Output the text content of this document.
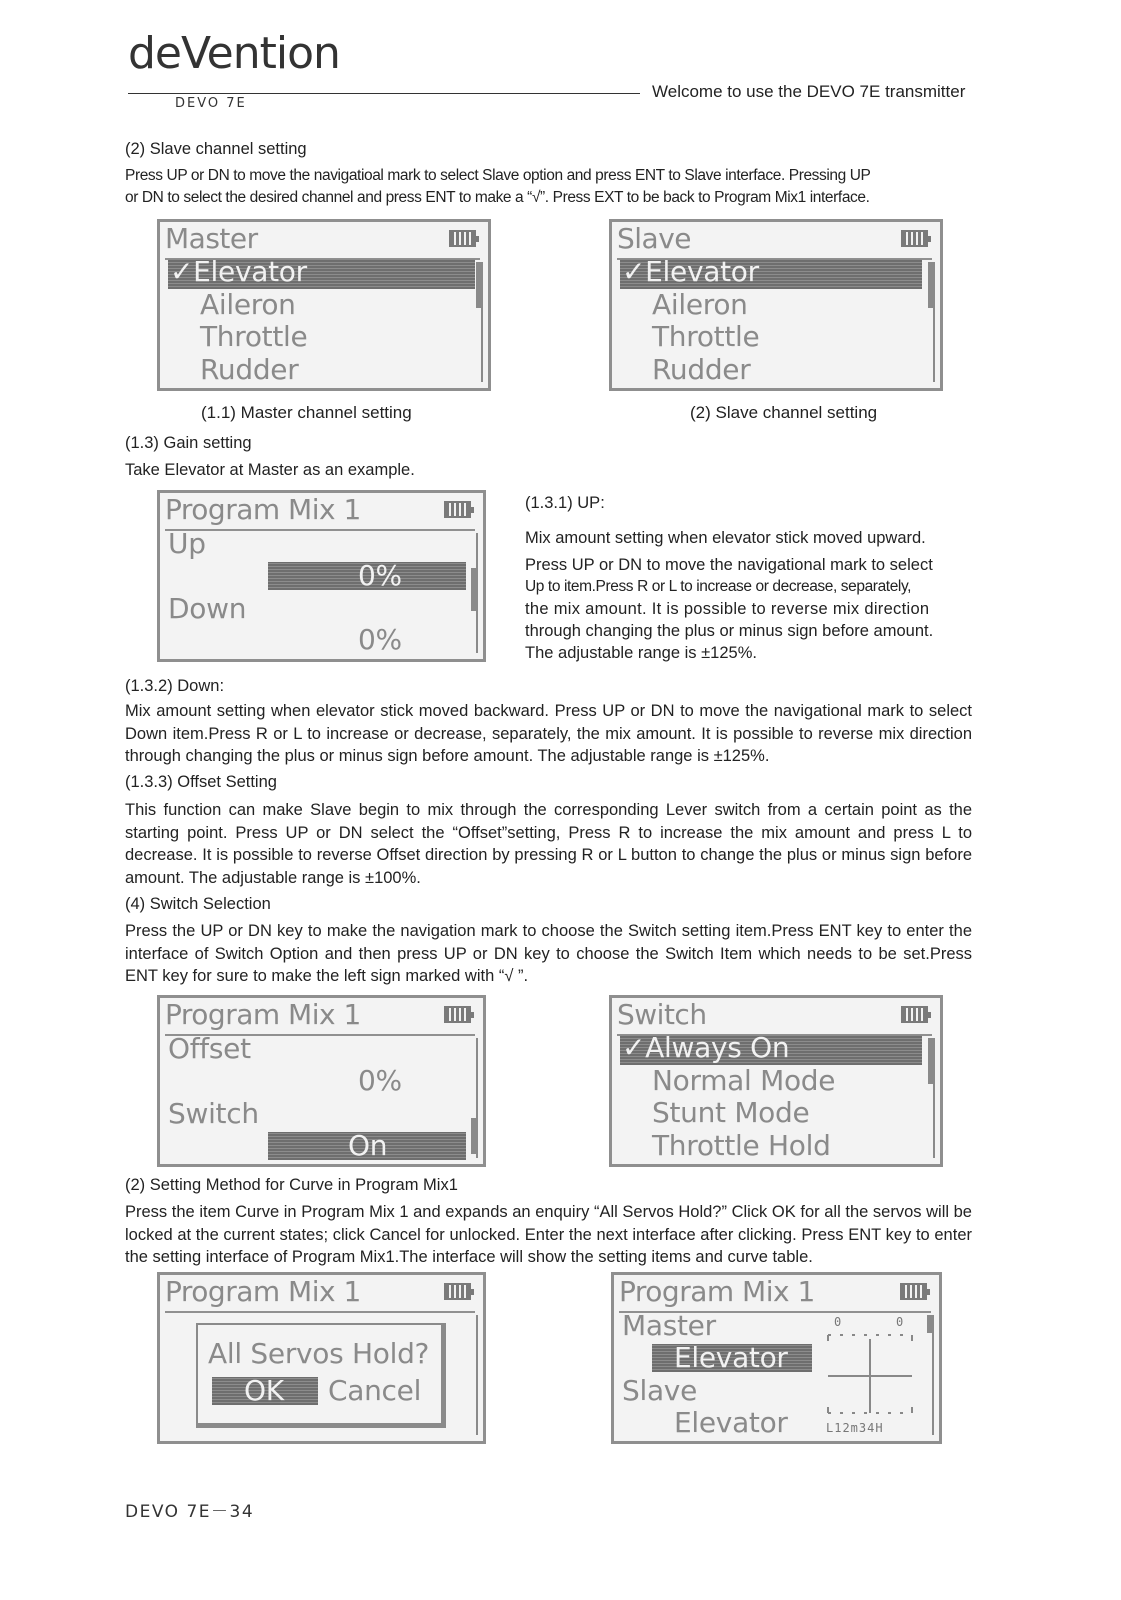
deVention
DEVO 7E
Welcome to use the DEVO 7E transmitter
(2) Slave channel setting
Press UP or DN to move the navigatioal mark to select Slave option and press ENT to Slave interface. Pressing UP
or DN to select the desired channel and press ENT to make a “√”. Press EXT to be back to Program Mix1 interface.
Master
✓Elevator
Aileron
Throttle
Rudder
Slave
✓Elevator
Aileron
Throttle
Rudder
(1.1) Master channel setting	(2) Slave channel setting
(1.3) Gain setting
Take Elevator at Master as an example.
Program Mix 1
Up
0%
Down
0%
(1.3.1) UP:
Mix amount setting when elevator stick moved upward.
Press UP or DN to move the navigational mark to select
Up to item.Press R or L to increase or decrease, separately,
the mix amount. It is possible to reverse mix direction
through changing the plus or minus sign before amount.
The adjustable range is ±125%.
(1.3.2) Down:
Mix amount setting when elevator stick moved backward. Press UP or DN to move the navigational mark to select Down item.Press R or L to increase or decrease, separately, the mix amount. It is possible to reverse mix direction through changing the plus or minus sign before amount. The adjustable range is ±125%.
(1.3.3) Offset Setting
This function can make Slave begin to mix through the corresponding Lever switch from a certain point as the starting point. Press UP or DN select the “Offset”setting, Press R to increase the mix amount and press L to decrease. It is possible to reverse Offset direction by pressing R or L button to change the plus or minus sign before amount. The adjustable range is ±100%.
(4) Switch Selection
Press the UP or DN key to make the navigation mark to choose the Switch setting item.Press ENT key to enter the interface of Switch Option and then press UP or DN key to choose the Switch Item which needs to be set.Press ENT key for sure to make the left sign marked with “√ ”.
Program Mix 1
Offset
0%
Switch
On
Switch
✓Always On
Normal Mode
Stunt Mode
Throttle Hold
(2) Setting Method for Curve in Program Mix1
Press the item Curve in Program Mix 1 and expands an enquiry “All Servos Hold?” Click OK for all the servos will be locked at the current states; click Cancel for unlocked. Enter the next interface after clicking. Press ENT key to enter the setting interface of Program Mix1.The interface will show the setting items and curve table.
Program Mix 1
All Servos Hold?
OK Cancel
Program Mix 1
Master
Elevator
Slave
Elevator
0	0
L12m34H
DEVO 7E－34
